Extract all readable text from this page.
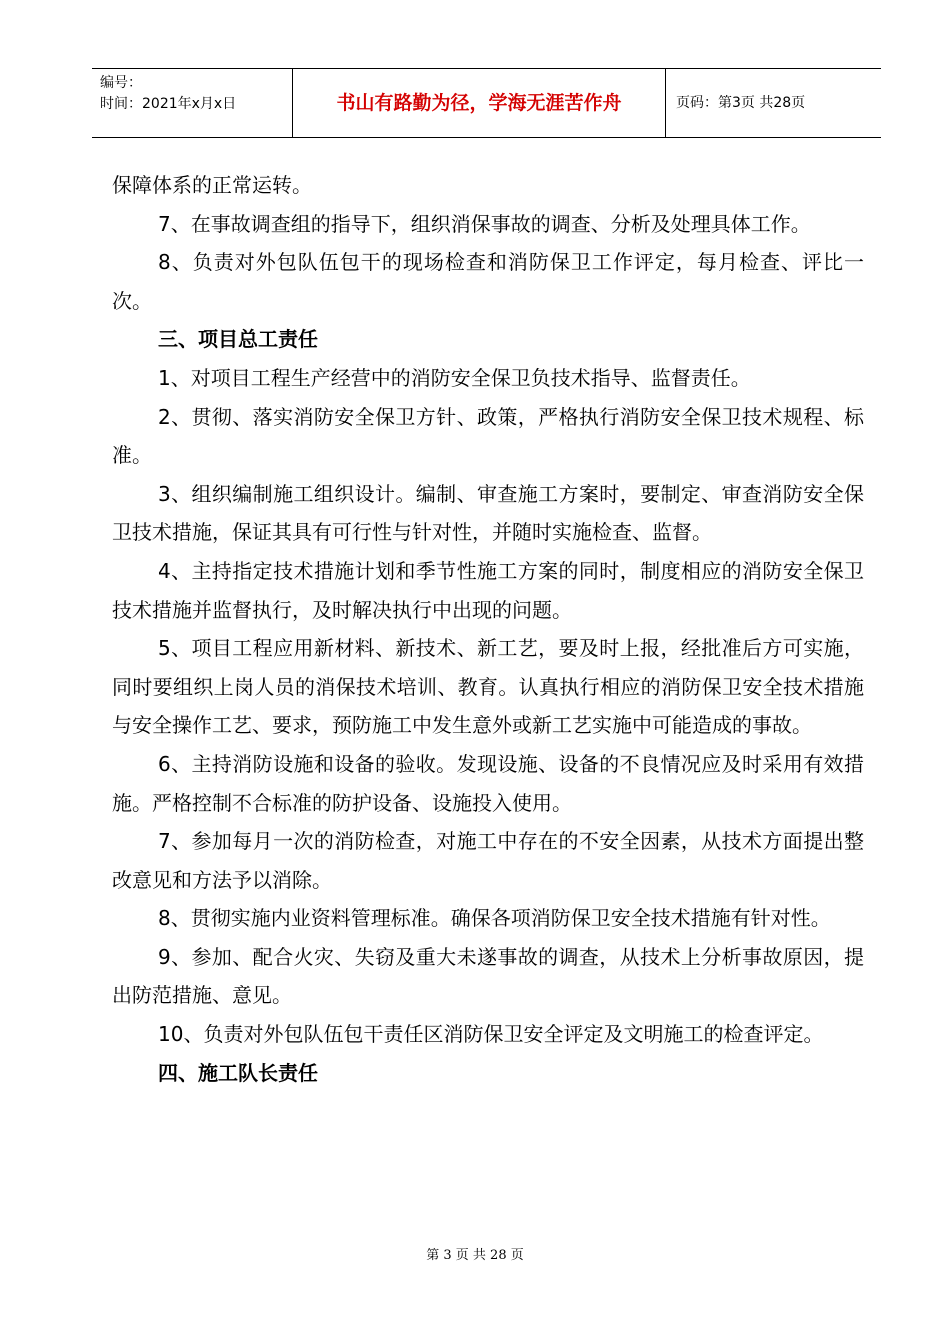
编号：
时间：2021年x月x日	书山有路勤为径，学海无涯苦作舟	页码：第3页 共28页

保障体系的正常运转。

7、在事故调查组的指导下，组织消保事故的调查、分析及处理具体工作。

8、负责对外包队伍包干的现场检查和消防保卫工作评定，每月检查、评比一次。

三、项目总工责任

1、对项目工程生产经营中的消防安全保卫负技术指导、监督责任。

2、贯彻、落实消防安全保卫方针、政策，严格执行消防安全保卫技术规程、标准。

3、组织编制施工组织设计。编制、审查施工方案时，要制定、审查消防安全保卫技术措施，保证其具有可行性与针对性，并随时实施检查、监督。

4、主持指定技术措施计划和季节性施工方案的同时，制度相应的消防安全保卫技术措施并监督执行，及时解决执行中出现的问题。

5、项目工程应用新材料、新技术、新工艺，要及时上报，经批准后方可实施，同时要组织上岗人员的消保技术培训、教育。认真执行相应的消防保卫安全技术措施与安全操作工艺、要求，预防施工中发生意外或新工艺实施中可能造成的事故。

6、主持消防设施和设备的验收。发现设施、设备的不良情况应及时采用有效措施。严格控制不合标准的防护设备、设施投入使用。

7、参加每月一次的消防检查，对施工中存在的不安全因素，从技术方面提出整改意见和方法予以消除。

8、贯彻实施内业资料管理标准。确保各项消防保卫安全技术措施有针对性。

9、参加、配合火灾、失窃及重大未遂事故的调查，从技术上分析事故原因，提出防范措施、意见。

10、负责对外包队伍包干责任区消防保卫安全评定及文明施工的检查评定。

四、施工队长责任

第 3 页 共 28 页
